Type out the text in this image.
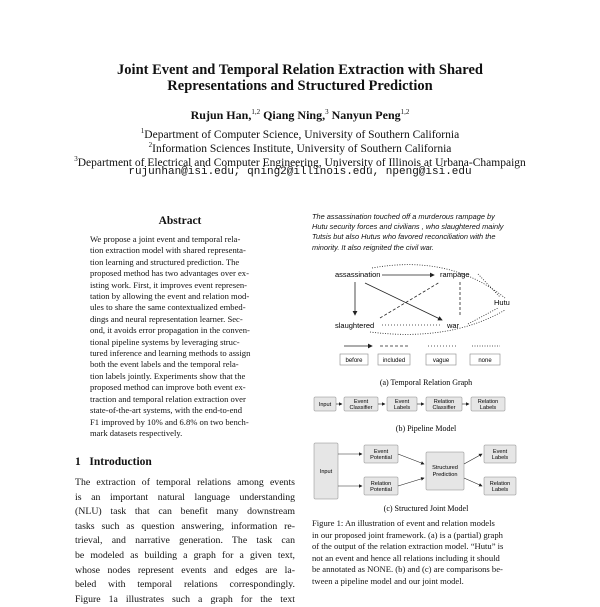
Joint Event and Temporal Relation Extraction with Shared
Representations and Structured Prediction
Rujun Han,$^{1,2}$ Qiang Ning,$^3$ Nanyun Peng$^{1,2}$
$^1$Department of Computer Science, University of Southern California
$^2$Information Sciences Institute, University of Southern California
$^3$Department of Electrical and Computer Engineering, University of Illinois at Urbana-Champaign
rujunhan@isi.edu, qning2@illinois.edu, npeng@isi.edu
Abstract
We propose a joint event and temporal rela-
tion extraction model with shared representa-
tion learning and structured prediction. The
proposed method has two advantages over ex-
isting work. First, it improves event represen-
tation by allowing the event and relation mod-
ules to share the same contextualized embed-
dings and neural representation learner. Sec-
ond, it avoids error propagation in the conven-
tional pipeline systems by leveraging struc-
tured inference and learning methods to assign
both the event labels and the temporal rela-
tion labels jointly. Experiments show that the
proposed method can improve both event ex-
traction and temporal relation extraction over
state-of-the-art systems, with the end-to-end
F1 improved by 10% and 6.8% on two bench-
mark datasets respectively.
1 Introduction
The extraction of temporal relations among events
is an important natural language understanding
(NLU) task that can benefit many downstream
tasks such as question answering, information re-
trieval, and narrative generation. The task can
be modeled as building a graph for a given text,
whose nodes represent events and edges are la-
beled with temporal relations correspondingly.
Figure 1a illustrates such a graph for the text
The assassination touched off a murderous rampage by
Hutu security forces and civilians , who slaughtered mainly
Tutsis but also Hutus who favored reconciliation with the
minority. It also reignited the civil war.
assassination	rampage
slaughtered	war
Hutu
before	included	vague	none
(a) Temporal Relation Graph
Input	Event
Classifier
Event
Labels
Relation
Classifier
Relation
Labels
(b) Pipeline Model
Input
Event
Potential
Relation
Potential
Structured
Prediction
Event
Labels
Relation
Labels
(c) Structured Joint Model
Figure 1: An illustration of event and relation models
in our proposed joint framework. (a) is a (partial) graph
of the output of the relation extraction model. “Hutu” is
not an event and hence all relations including it should
be annotated as NONE. (b) and (c) are comparisons be-
tween a pipeline model and our joint model.
